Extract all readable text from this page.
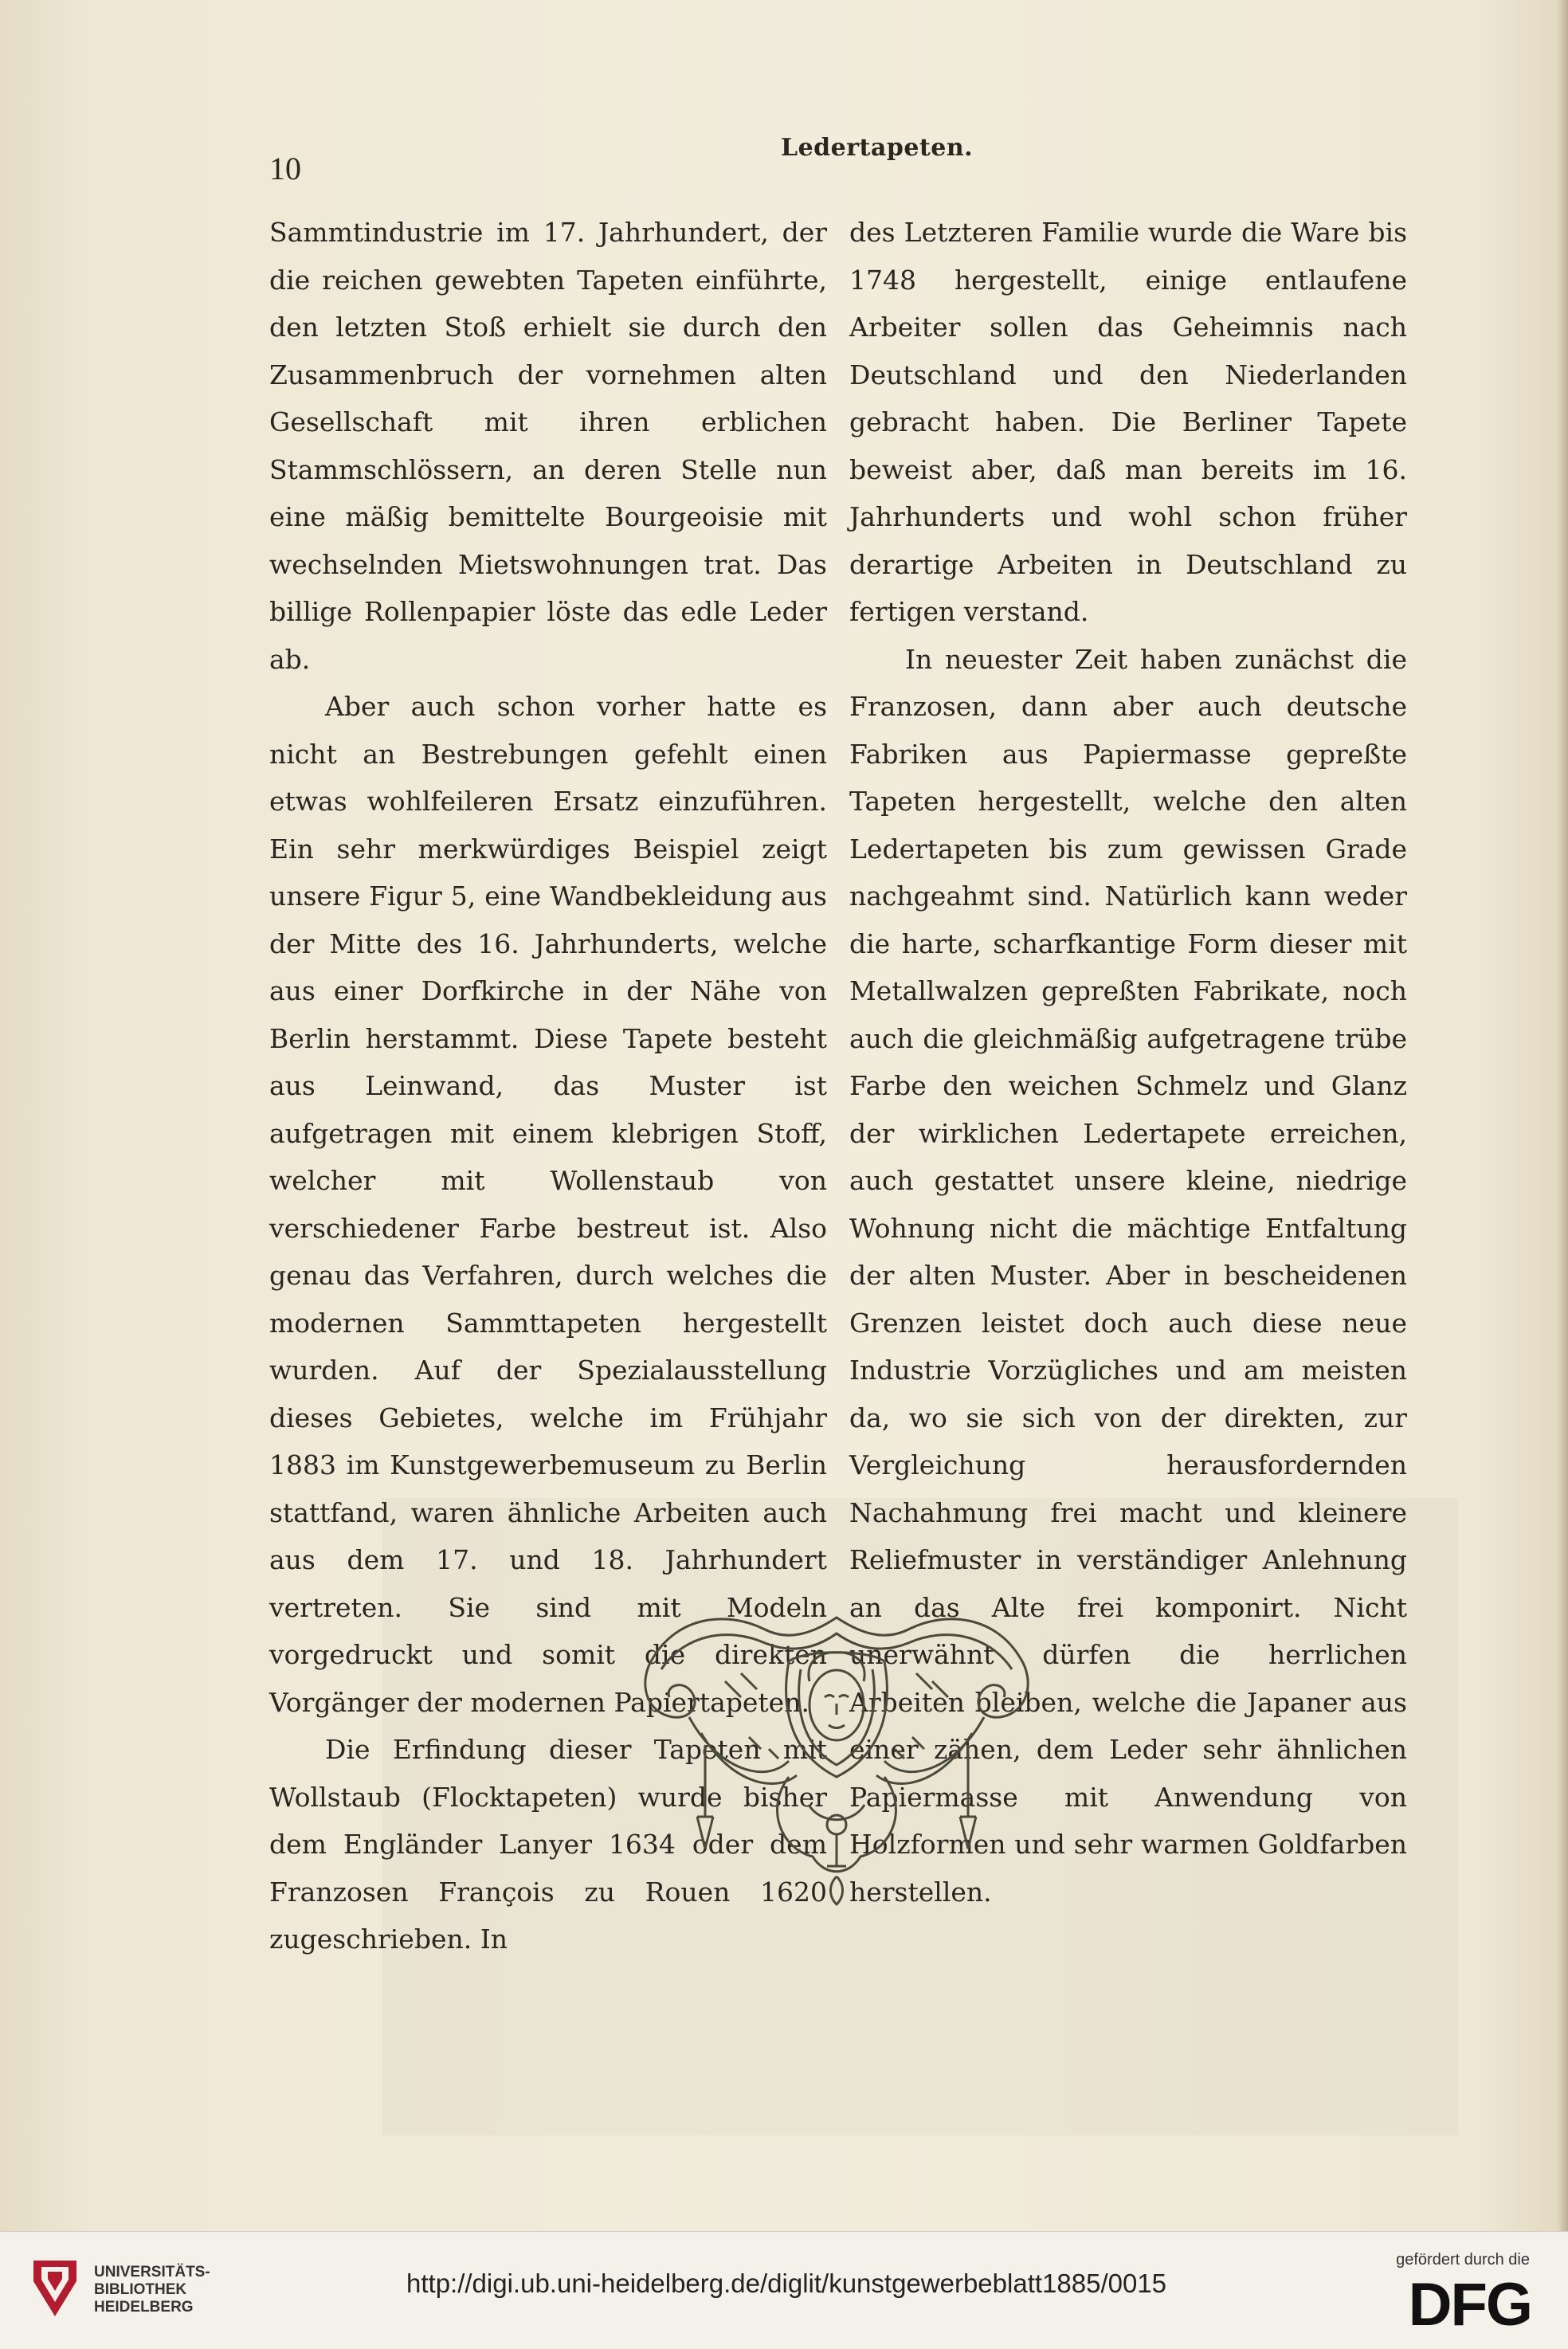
10
Ledertapeten.

Sammtindustrie im 17. Jahrhundert, der die reichen gewebten Tapeten einführte, den letzten Stoß erhielt sie durch den Zusammenbruch der vornehmen alten Gesellschaft mit ihren erblichen Stammschlössern, an deren Stelle nun eine mäßig bemittelte Bourgeoisie mit wechselnden Mietswohnungen trat. Das billige Rollenpapier löste das edle Leder ab.

Aber auch schon vorher hatte es nicht an Bestrebungen gefehlt einen etwas wohlfeileren Ersatz einzuführen. Ein sehr merkwürdiges Beispiel zeigt unsere Figur 5, eine Wandbekleidung aus der Mitte des 16. Jahrhunderts, welche aus einer Dorfkirche in der Nähe von Berlin herstammt. Diese Tapete besteht aus Leinwand, das Muster ist aufgetragen mit einem klebrigen Stoff, welcher mit Wollenstaub von verschiedener Farbe bestreut ist. Also genau das Verfahren, durch welches die modernen Sammttapeten hergestellt wurden. Auf der Spezialausstellung dieses Gebietes, welche im Frühjahr 1883 im Kunstgewerbemuseum zu Berlin stattfand, waren ähnliche Arbeiten auch aus dem 17. und 18. Jahrhundert vertreten. Sie sind mit Modeln vorgedruckt und somit die direkten Vorgänger der modernen Papiertapeten.

Die Erfindung dieser Tapeten mit Wollstaub (Flocktapeten) wurde bisher dem Engländer Lanyer 1634 oder dem Franzosen François zu Rouen 1620 zugeschrieben. In

des Letzteren Familie wurde die Ware bis 1748 hergestellt, einige entlaufene Arbeiter sollen das Geheimnis nach Deutschland und den Niederlanden gebracht haben. Die Berliner Tapete beweist aber, daß man bereits im 16. Jahrhunderts und wohl schon früher derartige Arbeiten in Deutschland zu fertigen verstand.

In neuester Zeit haben zunächst die Franzosen, dann aber auch deutsche Fabriken aus Papiermasse gepreßte Tapeten hergestellt, welche den alten Ledertapeten bis zum gewissen Grade nachgeahmt sind. Natürlich kann weder die harte, scharfkantige Form dieser mit Metallwalzen gepreßten Fabrikate, noch auch die gleichmäßig aufgetragene trübe Farbe den weichen Schmelz und Glanz der wirklichen Ledertapete erreichen, auch gestattet unsere kleine, niedrige Wohnung nicht die mächtige Entfaltung der alten Muster. Aber in bescheidenen Grenzen leistet doch auch diese neue Industrie Vorzügliches und am meisten da, wo sie sich von der direkten, zur Vergleichung herausfordernden Nachahmung frei macht und kleinere Reliefmuster in verständiger Anlehnung an das Alte frei komponirt. Nicht unerwähnt dürfen die herrlichen Arbeiten bleiben, welche die Japaner aus einer zähen, dem Leder sehr ähnlichen Papiermasse mit Anwendung von Holzformen und sehr warmen Goldfarben herstellen.

UNIVERSITÄTS-
BIBLIOTHEK
HEIDELBERG
http://digi.ub.uni-heidelberg.de/diglit/kunstgewerbeblatt1885/0015
gefördert durch die
DFG
